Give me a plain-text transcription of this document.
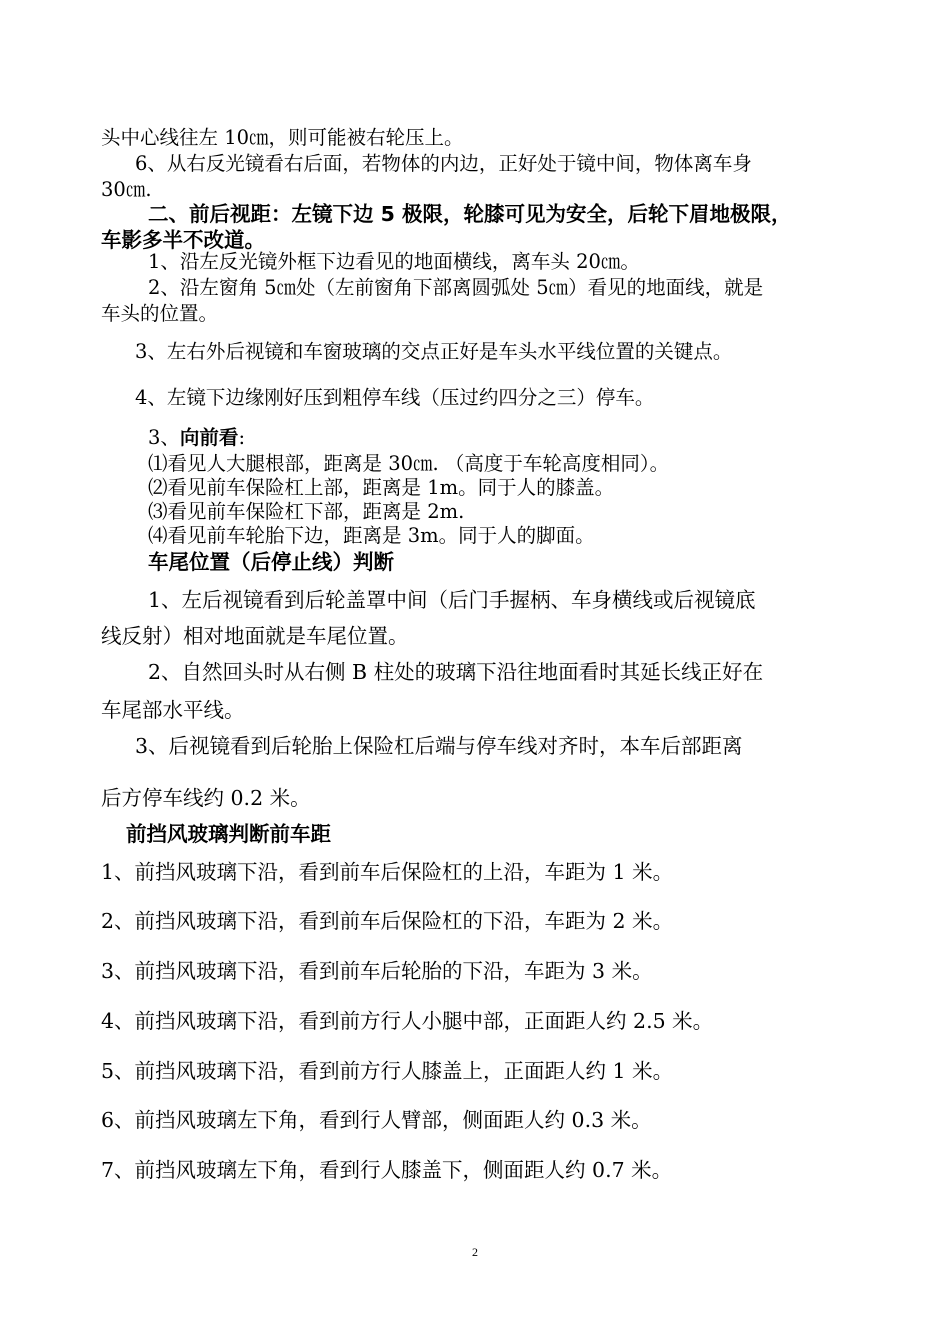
头中心线往左 10㎝，则可能被右轮压上。
6、从右反光镜看右后面，若物体的内边，正好处于镜中间，物体离车身
30㎝.
二、前后视距：左镜下边 5 极限，轮膝可见为安全，后轮下眉地极限，
车影多半不改道。
1、沿左反光镜外框下边看见的地面横线，离车头 20㎝。
2、沿左窗角 5㎝处（左前窗角下部离圆弧处 5㎝）看见的地面线，就是
车头的位置。
3、左右外后视镜和车窗玻璃的交点正好是车头水平线位置的关键点。
4、左镜下边缘刚好压到粗停车线（压过约四分之三）停车。
3、向前看:
⑴看见人大腿根部，距离是 30㎝. （高度于车轮高度相同）。
⑵看见前车保险杠上部，距离是 1m。同于人的膝盖。
⑶看见前车保险杠下部，距离是 2m.
⑷看见前车轮胎下边，距离是 3m。同于人的脚面。
车尾位置（后停止线）判断
1、左后视镜看到后轮盖罩中间（后门手握柄、车身横线或后视镜底
线反射）相对地面就是车尾位置。
2、自然回头时从右侧 B 柱处的玻璃下沿往地面看时其延长线正好在
车尾部水平线。
3、后视镜看到后轮胎上保险杠后端与停车线对齐时，本车后部距离
后方停车线约 0.2 米。
前挡风玻璃判断前车距
1、前挡风玻璃下沿，看到前车后保险杠的上沿，车距为 1 米。
2、前挡风玻璃下沿，看到前车后保险杠的下沿，车距为 2 米。
3、前挡风玻璃下沿，看到前车后轮胎的下沿，车距为 3 米。
4、前挡风玻璃下沿，看到前方行人小腿中部，正面距人约 2.5 米。
5、前挡风玻璃下沿，看到前方行人膝盖上，正面距人约 1 米。
6、前挡风玻璃左下角，看到行人臂部，侧面距人约 0.3 米。
7、前挡风玻璃左下角，看到行人膝盖下，侧面距人约 0.7 米。
2
